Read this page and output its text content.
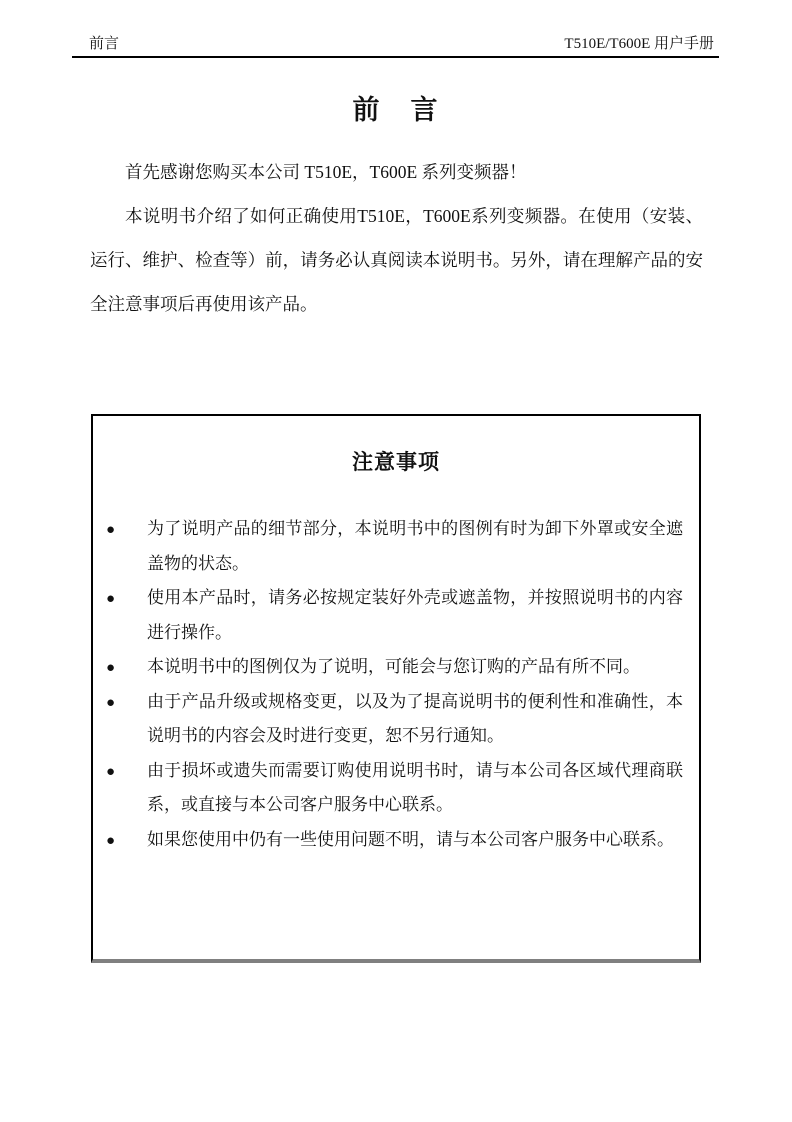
前言	T510E/T600E 用户手册
前　言

首先感谢您购买本公司 T510E，T600E 系列变频器！

本说明书介绍了如何正确使用T510E，T600E系列变频器。在使用（安装、运行、维护、检查等）前，请务必认真阅读本说明书。另外，请在理解产品的安全注意事项后再使用该产品。

注意事项
● 为了说明产品的细节部分，本说明书中的图例有时为卸下外罩或安全遮盖物的状态。
● 使用本产品时，请务必按规定装好外壳或遮盖物，并按照说明书的内容进行操作。
● 本说明书中的图例仅为了说明，可能会与您订购的产品有所不同。
● 由于产品升级或规格变更，以及为了提高说明书的便利性和准确性，本说明书的内容会及时进行变更，恕不另行通知。
● 由于损坏或遗失而需要订购使用说明书时，请与本公司各区域代理商联系，或直接与本公司客户服务中心联系。
● 如果您使用中仍有一些使用问题不明，请与本公司客户服务中心联系。
